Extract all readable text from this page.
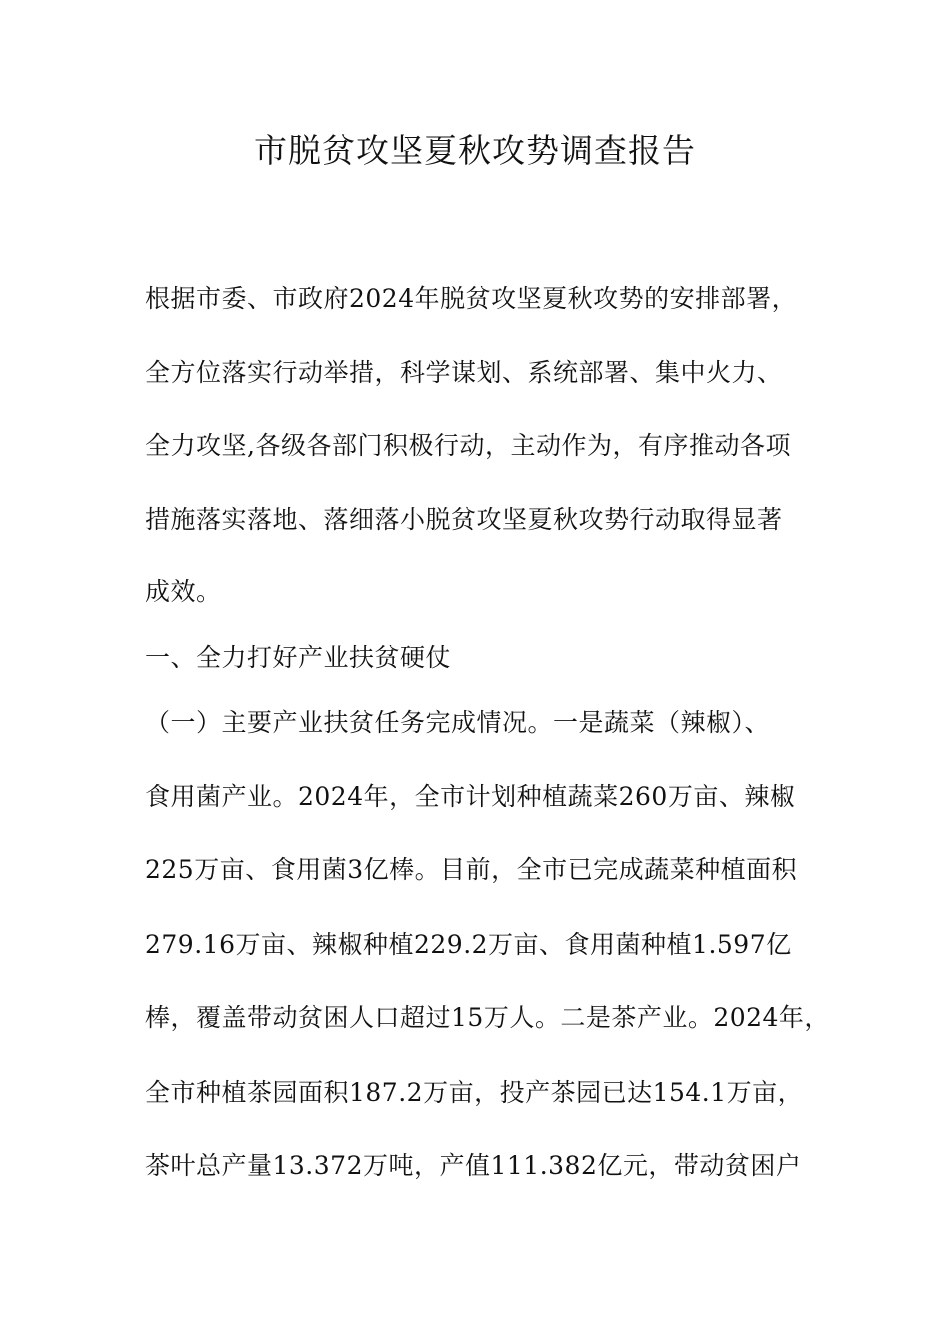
市脱贫攻坚夏秋攻势调查报告
根据市委、市政府2024年脱贫攻坚夏秋攻势的安排部署，
全方位落实行动举措，科学谋划、系统部署、集中火力、
全力攻坚,各级各部门积极行动，主动作为，有序推动各项
措施落实落地、落细落小脱贫攻坚夏秋攻势行动取得显著
成效。
一、全力打好产业扶贫硬仗
（一）主要产业扶贫任务完成情况。一是蔬菜（辣椒）、
食用菌产业。2024年，全市计划种植蔬菜260万亩、辣椒
225万亩、食用菌3亿棒。目前，全市已完成蔬菜种植面积
279.16万亩、辣椒种植229.2万亩、食用菌种植1.597亿
棒，覆盖带动贫困人口超过15万人。二是茶产业。2024年，
全市种植茶园面积187.2万亩，投产茶园已达154.1万亩，
茶叶总产量13.372万吨，产值111.382亿元，带动贫困户
